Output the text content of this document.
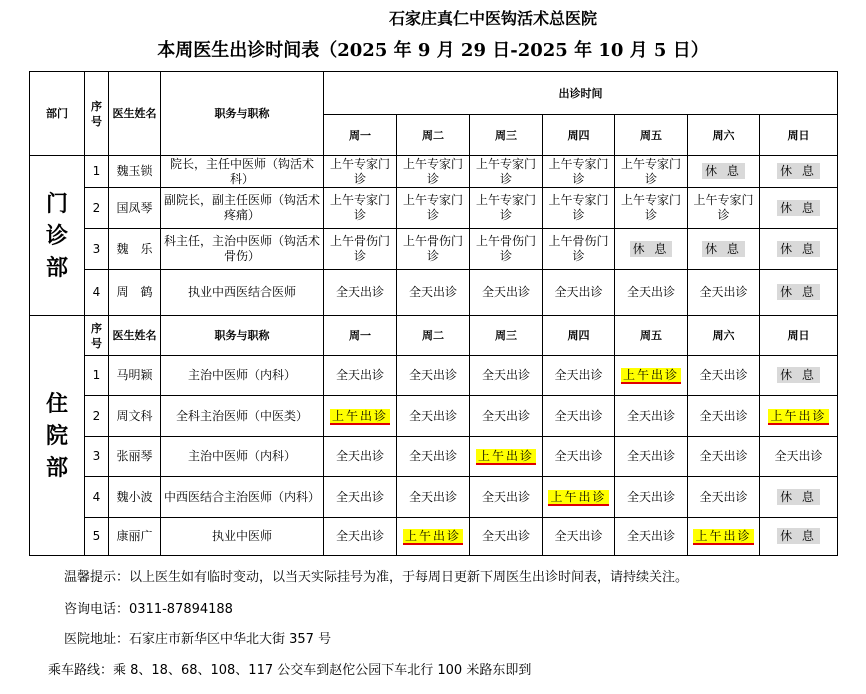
石家庄真仁中医钩活术总医院
本周医生出诊时间表（2025 年 9 月 29 日-2025 年 10 月 5 日）
部门	序号	医生姓名	职务与职称	出诊时间						
				周一	周二	周三	周四	周五	周六	周日
门诊部	1	魏玉锁	院长，主任中医师（钩活术科）	上午专家门诊	上午专家门诊	上午专家门诊	上午专家门诊	上午专家门诊	休 息	休 息
	2	国凤琴	副院长，副主任医师（钩活术 疼痛）	上午专家门诊	上午专家门诊	上午专家门诊	上午专家门诊	上午专家门诊	上午专家门诊	休 息
	3	魏　乐	科主任，主治中医师（钩活术骨伤）	上午骨伤门诊	上午骨伤门诊	上午骨伤门诊	上午骨伤门诊	休 息	休 息	休 息
	4	周　鹤	执业中西医结合医师	全天出诊	全天出诊	全天出诊	全天出诊	全天出诊	全天出诊	休 息
住院部	序号	医生姓名	职务与职称	周一	周二	周三	周四	周五	周六	周日
	1	马明颖	主治中医师（内科）	全天出诊	全天出诊	全天出诊	全天出诊	上午出诊	全天出诊	休 息
	2	周文科	全科主治医师（中医类）	上午出诊	全天出诊	全天出诊	全天出诊	全天出诊	全天出诊	上午出诊
	3	张丽琴	主治中医师（内科）	全天出诊	全天出诊	上午出诊	全天出诊	全天出诊	全天出诊	全天出诊
	4	魏小波	中西医结合主治医师（内科）	全天出诊	全天出诊	全天出诊	上午出诊	全天出诊	全天出诊	休 息
	5	康丽广	执业中医师	全天出诊	上午出诊	全天出诊	全天出诊	全天出诊	上午出诊	休 息
温馨提示：以上医生如有临时变动，以当天实际挂号为准，于每周日更新下周医生出诊时间表，请持续关注。
咨询电话：0311-87894188
医院地址：石家庄市新华区中华北大街 357 号
乘车路线：乘 8、18、68、108、117 公交车到赵佗公园下车北行 100 米路东即到
